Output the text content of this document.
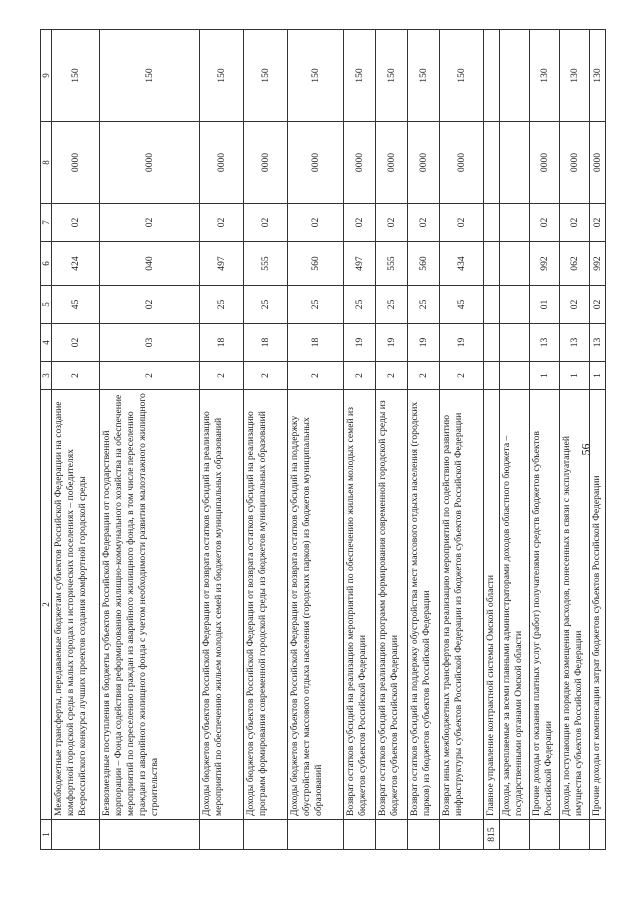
56
1	2	3	4	5	6	7	8	9
	Межбюджетные трансферты, передаваемые бюджетам субъектов Российской Федерации на создание комфортной городской среды в малых городах и исторических поселениях – победителях Всероссийского конкурса лучших проектов создания комфортной городской среды	2	02	45	424	02	0000	150
	Безвозмездные поступления в бюджеты субъектов Российской Федерации от государственной корпорации – Фонда содействия реформированию жилищно-коммунального хозяйства на обеспечение мероприятий по переселению граждан из аварийного жилищного фонда, в том числе переселению граждан из аварийного жилищного фонда с учетом необходимости развития малоэтажного жилищного строительства	2	03	02	040	02	0000	150
	Доходы бюджетов субъектов Российской Федерации от возврата остатков субсидий на реализацию мероприятий по обеспечению жильем молодых семей из бюджетов муниципальных образований	2	18	25	497	02	0000	150
	Доходы бюджетов субъектов Российской Федерации от возврата остатков субсидий на реализацию программ формирования современной городской среды из бюджетов муниципальных образований	2	18	25	555	02	0000	150
	Доходы бюджетов субъектов Российской Федерации от возврата остатков субсидий на поддержку обустройства мест массового отдыха населения (городских парков) из бюджетов муниципальных образований	2	18	25	560	02	0000	150
	Возврат остатков субсидий на реализацию мероприятий по обеспечению жильем молодых семей из бюджетов субъектов Российской Федерации	2	19	25	497	02	0000	150
	Возврат остатков субсидий на реализацию программ формирования современной городской среды из бюджетов субъектов Российской Федерации	2	19	25	555	02	0000	150
	Возврат остатков субсидий на поддержку обустройства мест массового отдыха населения (городских парков) из бюджетов субъектов Российской Федерации	2	19	25	560	02	0000	150
	Возврат иных межбюджетных трансфертов на реализацию мероприятий по содействию развитию инфраструктуры субъектов Российской Федерации из бюджетов субъектов Российской Федерации	2	19	45	434	02	0000	150
815	Главное управление контрактной системы Омской области							
	Доходы, закрепляемые за всеми главными администраторами доходов областного бюджета – государственными органами Омской области							
	Прочие доходы от оказания платных услуг (работ) получателями средств бюджетов субъектов Российской Федерации	1	13	01	992	02	0000	130
	Доходы, поступающие в порядке возмещения расходов, понесенных в связи с эксплуатацией имущества субъектов Российской Федерации	1	13	02	062	02	0000	130
	Прочие доходы от компенсации затрат бюджетов субъектов Российской Федерации	1	13	02	992	02	0000	130
